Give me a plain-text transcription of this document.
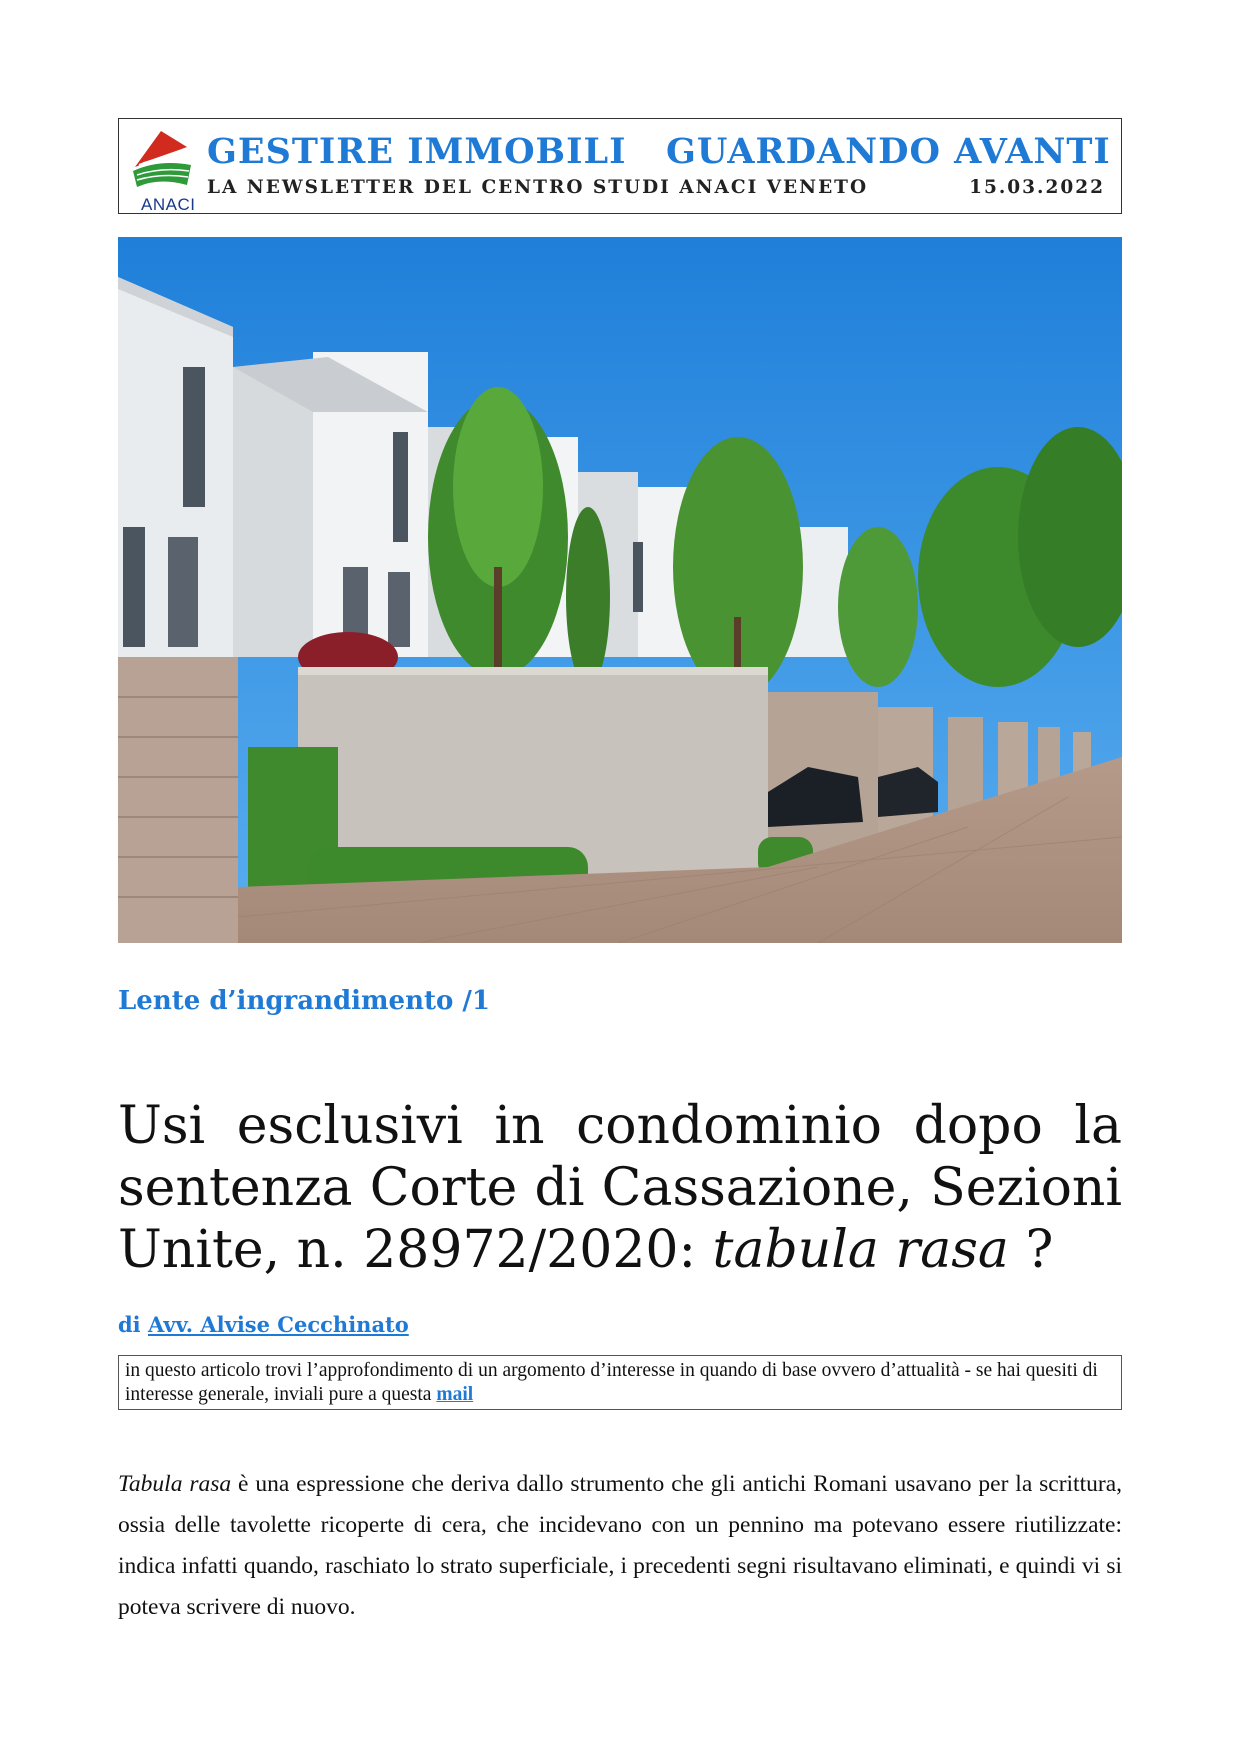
ANACI
GESTIRE IMMOBILI   GUARDANDO AVANTI
LA NEWSLETTER DEL CENTRO STUDI ANACI VENETO	15.03.2022
Lente d’ingrandimento /1
Usi esclusivi in condominio dopo la sentenza Corte di Cassazione, Sezioni Unite, n. 28972/2020: tabula rasa ?
di Avv. Alvise Cecchinato
in questo articolo trovi l’approfondimento di un argomento d’interesse in quando di base ovvero d’attualità - se hai quesiti di interesse generale, inviali pure a questa mail
Tabula rasa è una espressione che deriva dallo strumento che gli antichi Romani usavano per la scrittura, ossia delle tavolette ricoperte di cera, che incidevano con un pennino ma potevano essere riutilizzate: indica infatti quando, raschiato lo strato superficiale, i precedenti segni risultavano eliminati, e quindi vi si poteva scrivere di nuovo.
